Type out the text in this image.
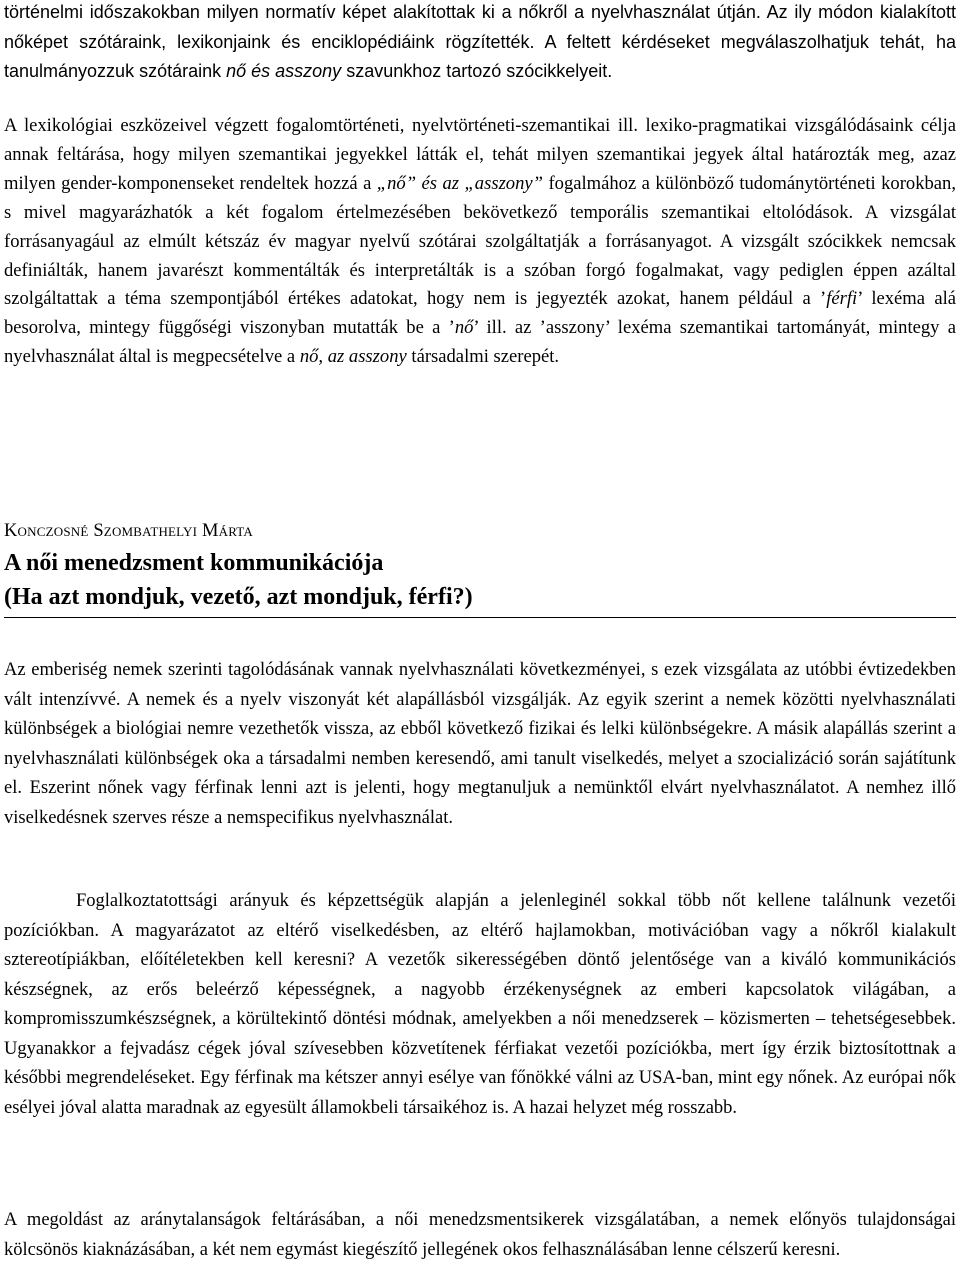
történelmi időszakokban milyen normatív képet alakítottak ki a nőkről a nyelvhasználat útján. Az ily módon kialakított nőképet szótáraink, lexikonjaink és enciklopédiáink rögzítették. A feltett kérdéseket megválaszolhatjuk tehát, ha tanulmányozzuk szótáraink nő és asszony szavunkhoz tartozó szócikkelyeit.

A lexikológiai eszközeivel végzett fogalomtörténeti, nyelvtörténeti-szemantikai ill. lexiko-pragmatikai vizsgálódásaink célja annak feltárása, hogy milyen szemantikai jegyekkel látták el, tehát milyen szemantikai jegyek által határozták meg, azaz milyen gender-komponenseket rendeltek hozzá a „nő” és az „asszony” fogalmához a különböző tudománytörténeti korokban, s mivel magyarázhatók a két fogalom értelmezésében bekövetkező temporális szemantikai eltolódások. A vizsgálat forrásanyagául az elmúlt kétszáz év magyar nyelvű szótárai szolgáltatják a forrásanyagot. A vizsgált szócikkek nemcsak definiálták, hanem javarészt kommentálták és interpretálták is a szóban forgó fogalmakat, vagy pediglen éppen azáltal szolgáltattak a téma szempontjából értékes adatokat, hogy nem is jegyezték azokat, hanem például a ’férfi’ lexéma alá besorolva, mintegy függőségi viszonyban mutatták be a ’nő’ ill. az ’asszony’ lexéma szemantikai tartományát, mintegy a nyelvhasználat által is megpecsételve a nő, az asszony társadalmi szerepét.

Konczosné Szombathelyi Márta

A női menedzsment kommunikációja

(Ha azt mondjuk, vezető, azt mondjuk, férfi?)

Az emberiség nemek szerinti tagolódásának vannak nyelvhasználati következményei, s ezek vizsgálata az utóbbi évtizedekben vált intenzívvé. A nemek és a nyelv viszonyát két alapállásból vizsgálják. Az egyik szerint a nemek közötti nyelvhasználati különbségek a biológiai nemre vezethetők vissza, az ebből következő fizikai és lelki különbségekre. A másik alapállás szerint a nyelvhasználati különbségek oka a társadalmi nemben keresendő, ami tanult viselkedés, melyet a szocializáció során sajátítunk el. Eszerint nőnek vagy férfinak lenni azt is jelenti, hogy megtanuljuk a nemünktől elvárt nyelvhasználatot. A nemhez illő viselkedésnek szerves része a nemspecifikus nyelvhasználat.

Foglalkoztatottsági arányuk és képzettségük alapján a jelenleginél sokkal több nőt kellene találnunk vezetői pozíciókban. A magyarázatot az eltérő viselkedésben, az eltérő hajlamokban, motivációban vagy a nőkről kialakult sztereotípiákban, előítéletekben kell keresni? A vezetők sikerességében döntő jelentősége van a kiváló kommunikációs készségnek, az erős beleérző képességnek, a nagyobb érzékenységnek az emberi kapcsolatok világában, a kompromisszumkészségnek, a körültekintő döntési módnak, amelyekben a női menedzserek – közismerten – tehetségesebbek. Ugyanakkor a fejvadász cégek jóval szívesebben közvetítenek férfiakat vezetői pozíciókba, mert így érzik biztosítottnak a későbbi megrendeléseket. Egy férfinak ma kétszer annyi esélye van főnökké válni az USA-ban, mint egy nőnek. Az európai nők esélyei jóval alatta maradnak az egyesült államokbeli társaikéhoz is. A hazai helyzet még rosszabb.

A megoldást az aránytalanságok feltárásában, a női menedzsmentsikerek vizsgálatában, a nemek előnyös tulajdonságai kölcsönös kiaknázásában, a két nem egymást kiegészítő jellegének okos felhasználásában lenne célszerű keresni.
